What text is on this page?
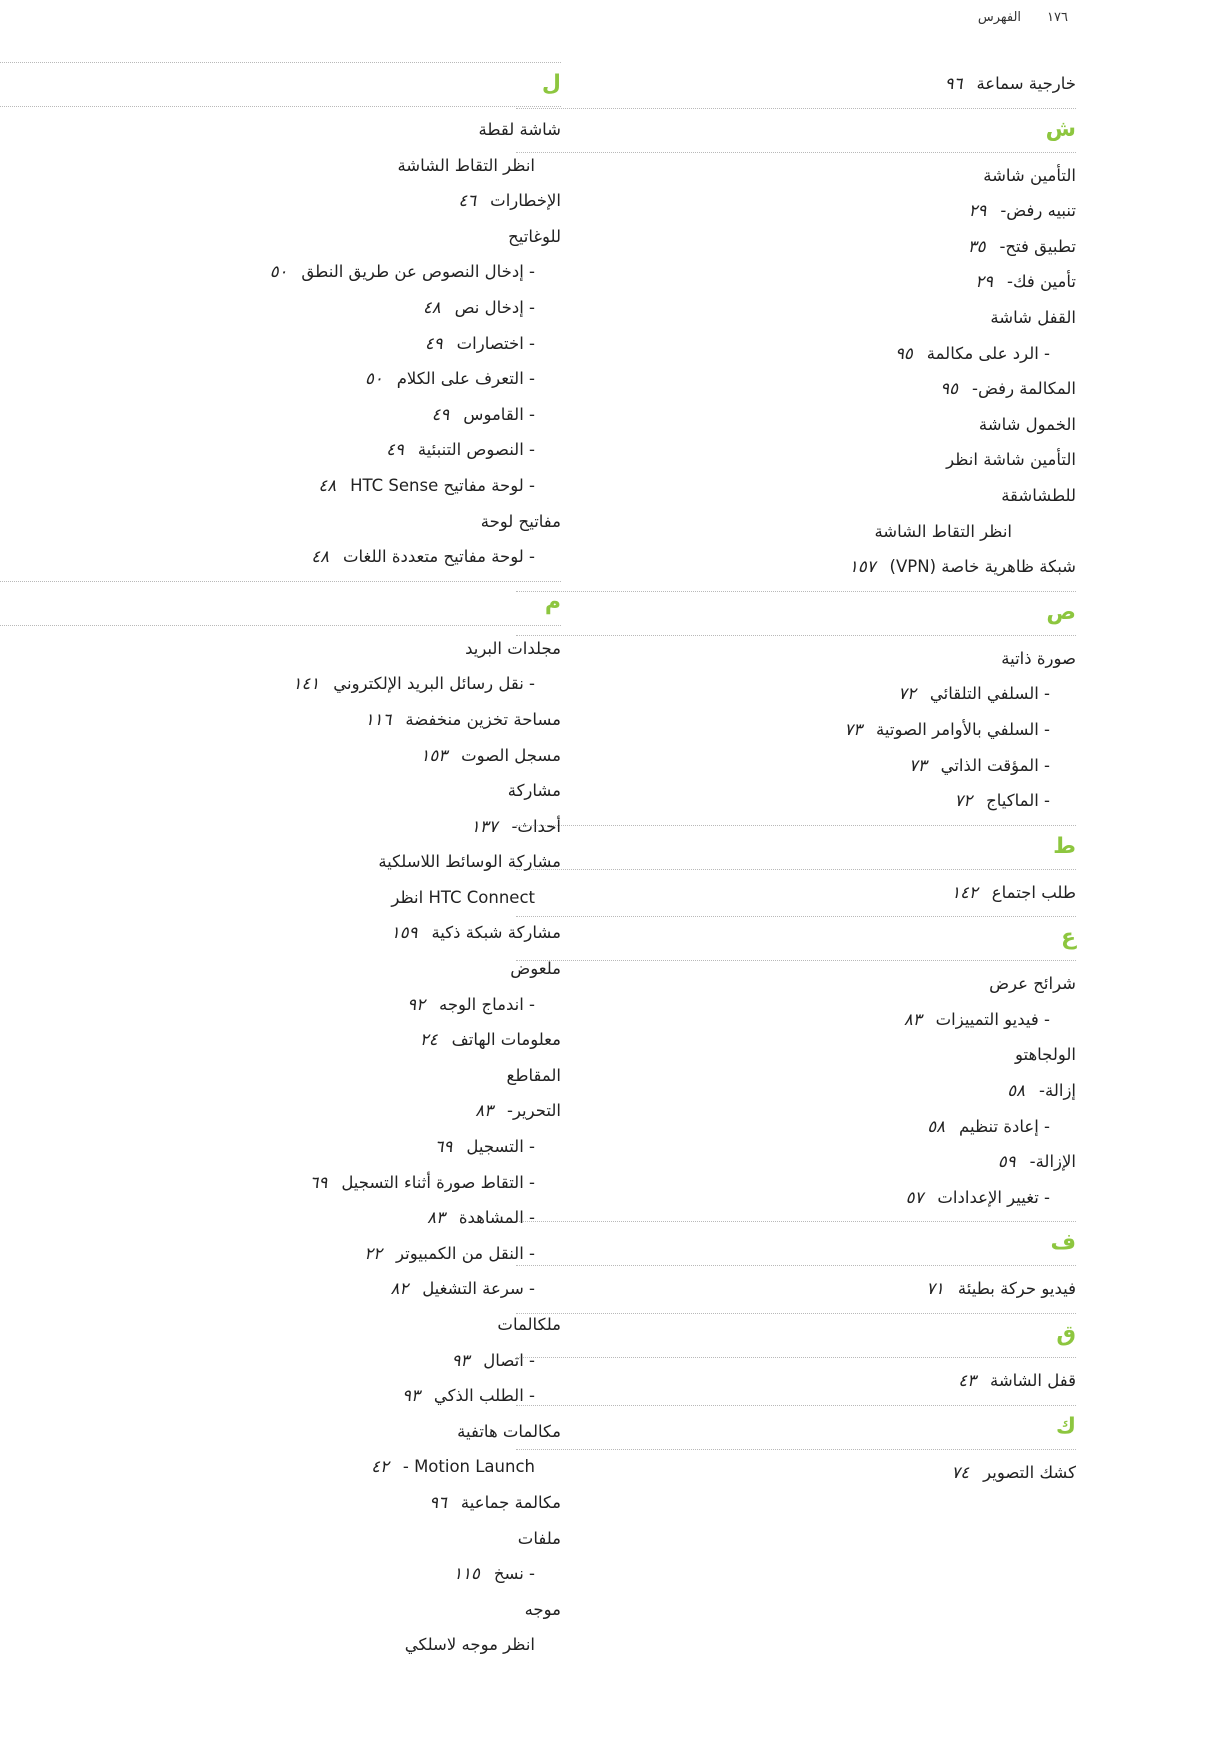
١٧٦الفهرس
خارجية سماعة٩٦
ش
التأمين شاشة
تنبيه رفض-٢٩
تطبيق فتح-٣٥
تأمين فك-٢٩
القفل شاشة
- الرد على مكالمة٩٥
المكالمة رفض-٩٥
الخمول شاشة
التأمين شاشة انظر
للطشاشقة
انظر التقاط الشاشة
شبكة ظاهرية خاصة (VPN)١٥٧
ص
صورة ذاتية
- السلفي التلقائي٧٢
- السلفي بالأوامر الصوتية٧٣
- المؤقت الذاتي٧٣
- الماكياج٧٢
ط
طلب اجتماع١٤٢
ع
شرائح عرض
- فيديو التمييزات٨٣
الولجاهتو
إزالة-٥٨
- إعادة تنظيم٥٨
الإزالة-٥٩
- تغيير الإعدادات٥٧
ف
فيديو حركة بطيئة٧١
ق
قفل الشاشة٤٣
ك
كشك التصوير٧٤
ل
شاشة لقطة
انظر التقاط الشاشة
الإخطارات٤٦
للوغاتيح
- إدخال النصوص عن طريق النطق٥٠
- إدخال نص٤٨
- اختصارات٤٩
- التعرف على الكلام٥٠
- القاموس٤٩
- النصوص التنبئية٤٩
- لوحة مفاتيح HTC Sense٤٨
مفاتيح لوحة
- لوحة مفاتيح متعددة اللغات٤٨
م
مجلدات البريد
- نقل رسائل البريد الإلكتروني١٤١
مساحة تخزين منخفضة١١٦
مسجل الصوت١٥٣
مشاركة
أحداث-١٣٧
مشاركة الوسائط اللاسلكية
HTC Connect انظر
مشاركة شبكة ذكية١٥٩
ملعوض
- اندماج الوجه٩٢
معلومات الهاتف٢٤
المقاطع
التحرير-٨٣
- التسجيل٦٩
- التقاط صورة أثناء التسجيل٦٩
- المشاهدة٨٣
- النقل من الكمبيوتر٢٢
- سرعة التشغيل٨٢
ملكالمات
- اتصال٩٣
- الطلب الذكي٩٣
مكالمات هاتفية
Motion Launch -٤٢
مكالمة جماعية٩٦
ملفات
- نسخ١١٥
موجه
انظر موجه لاسلكي
